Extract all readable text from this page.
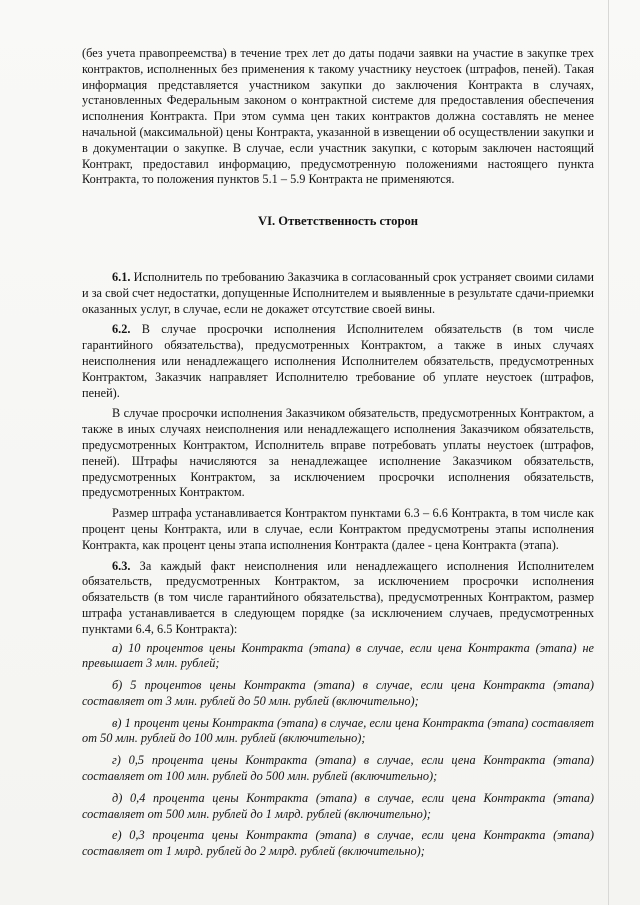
(без учета правопреемства) в течение трех лет до даты подачи заявки на участие в закупке трех контрактов, исполненных без применения к такому участнику неустоек (штрафов, пеней). Такая информация представляется участником закупки до заключения Контракта в случаях, установленных Федеральным законом о контрактной системе для предоставления обеспечения исполнения Контракта. При этом сумма цен таких контрактов должна составлять не менее начальной (максимальной) цены Контракта, указанной в извещении об осуществлении закупки и в документации о закупке. В случае, если участник закупки, с которым заключен настоящий Контракт, предоставил информацию, предусмотренную положениями настоящего пункта Контракта, то положения пунктов 5.1 – 5.9 Контракта не применяются.

VI. Ответственность сторон

6.1. Исполнитель по требованию Заказчика в согласованный срок устраняет своими силами и за свой счет недостатки, допущенные Исполнителем и выявленные в результате сдачи-приемки оказанных услуг, в случае, если не докажет отсутствие своей вины.

6.2. В случае просрочки исполнения Исполнителем обязательств (в том числе гарантийного обязательства), предусмотренных Контрактом, а также в иных случаях неисполнения или ненадлежащего исполнения Исполнителем обязательств, предусмотренных Контрактом, Заказчик направляет Исполнителю требование об уплате неустоек (штрафов, пеней).

В случае просрочки исполнения Заказчиком обязательств, предусмотренных Контрактом, а также в иных случаях неисполнения или ненадлежащего исполнения Заказчиком обязательств, предусмотренных Контрактом, Исполнитель вправе потребовать уплаты неустоек (штрафов, пеней). Штрафы начисляются за ненадлежащее исполнение Заказчиком обязательств, предусмотренных Контрактом, за исключением просрочки исполнения обязательств, предусмотренных Контрактом.

Размер штрафа устанавливается Контрактом пунктами 6.3 – 6.6 Контракта, в том числе как процент цены Контракта, или в случае, если Контрактом предусмотрены этапы исполнения Контракта, как процент цены этапа исполнения Контракта (далее - цена Контракта (этапа).

6.3. За каждый факт неисполнения или ненадлежащего исполнения Исполнителем обязательств, предусмотренных Контрактом, за исключением просрочки исполнения обязательств (в том числе гарантийного обязательства), предусмотренных Контрактом, размер штрафа устанавливается в следующем порядке (за исключением случаев, предусмотренных пунктами 6.4, 6.5 Контракта):

а) 10 процентов цены Контракта (этапа) в случае, если цена Контракта (этапа) не превышает 3 млн. рублей;

б) 5 процентов цены Контракта (этапа) в случае, если цена Контракта (этапа) составляет от 3 млн. рублей до 50 млн. рублей (включительно);

в) 1 процент цены Контракта (этапа) в случае, если цена Контракта (этапа) составляет от 50 млн. рублей до 100 млн. рублей (включительно);

г) 0,5 процента цены Контракта (этапа) в случае, если цена Контракта (этапа) составляет от 100 млн. рублей до 500 млн. рублей (включительно);

д) 0,4 процента цены Контракта (этапа) в случае, если цена Контракта (этапа) составляет от 500 млн. рублей до 1 млрд. рублей (включительно);

е) 0,3 процента цены Контракта (этапа) в случае, если цена Контракта (этапа) составляет от 1 млрд. рублей до 2 млрд. рублей (включительно);
